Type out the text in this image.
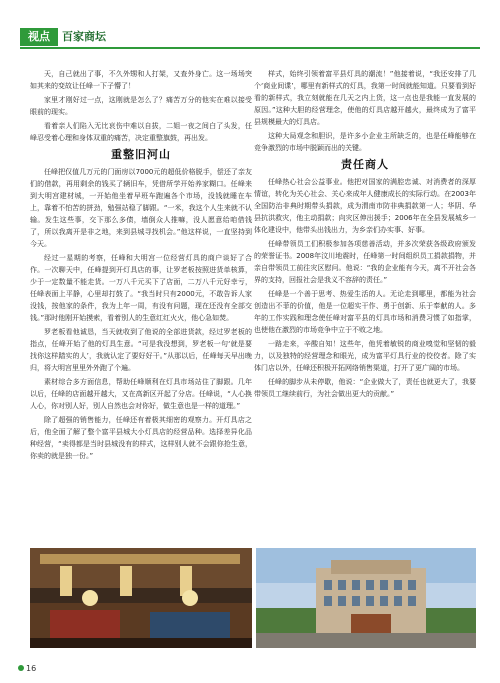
视点	百家商坛

天，自己就出了事，不久外甥和人打架，又查外身亡。这一场场突如其来的变故让任峰一下子懵了！

家里才刚好过一点，这刚就是怎么了？痛苦万分的他实在难以接受眼前的现实。

看着亲人们陷入无比哀伤中难以自拔，二姐一夜之间白了头发，任峰忍受着心理和身体双重的痛苦，决定重整旗鼓，再出发。

重整旧河山

任峰把仅值几万元的门面房以7000元的超低价格脱手，偿还了亲友们的借款，再用剩余的钱买了辆旧车，凭借所学开始养家糊口。任峰来到大明宫建材城，一开始他坐着早班车跑遍各个市场，没钱就睡在车上，靠着不怕苦的拼劲，勉强站稳了脚跟。“一米，我这个人生来就不认输。发生这些事，交下那么多债，墙倒众人推嘛，没人愿意给咱借钱了，所以我离开是非之地，来到县城寻找机会。”他这样说，一直坚持到今天。

经过一星期的考察，任峰和大明宫一位经营灯具的商户谈好了合作。一次聊天中，任峰提到开灯具店的事，让罗老板按照进货单核算，少于一定数量不能走货。一万八千元买下了店面，二万八千元好幸亏，任峰表面上平静，心里却打鼓了。“我当时只有2000元，不敢告诉人家没钱，按他家的条件，我为上年一周，有没有问题，现在还没有全部交钱。”那时他刚开始摸索，看着别人的生意红红火火，他心急如焚。

罗老板看他诚恳，当天就收到了他说的全部进货款，经过罗老板的指点，任峰开始了他的灯具生意。“可是我没想到，罗老板一句‘就是要找你这样踏实的人’，我就认定了要好好干。”从那以后，任峰每天早出晚归，将大明宫里里外外跑了个遍。

素材综合多方面信息，帮助任峰顺利在灯具市场站住了脚跟。几年以后，任峰的店面越开越大，又在高新区开起了分店。任峰说，“人心换人心，你对别人好，别人自然也会对你好，做生意也是一样的道理。”

除了超强的销售能力，任峰还有着极其细密的观察力。开灯具店之后，他全面了解了整个富平县城大小灯具店的经营品种。选择差异化品种经营，“卖得都是当时县城没有的样式，这样别人就不会跟你抢生意，你卖的就是独一份。”

样式，始终引领着富平县灯具的潮流！”他接着说，“我还安排了几个‘商业间谍’，哪里有新样式的灯具，我第一时间就能知道。只要看到好看的新样式，我立刻就能在几天之内上货，这一点也是我能一直发展的原因。”这种大胆的经营理念，使他的灯具店越开越火，最终成为了富平县规模最大的灯具店。

这种大局观念和胆识，是许多小企业主所缺乏的，也是任峰能够在竞争激烈的市场中脱颖而出的关键。

责任商人

任峰热心社会公益事业。他把对国家的满腔忠诚、对消费者的深厚情谊，转化为关心社会、关心来成年人健康成长的实际行动。在2003年全国防治非典时期带头捐款，成为渭南市防非典捐款第一人；华阴、华县抗洪救灾，他主动捐款；向灾区伸出援手；2006年在全县发展城乡一体化建设中，他带头出钱出力，为乡亲们办实事、好事。

任峰带领员工们积极参加各项慈善活动，并多次荣获各级政府颁发的荣誉证书。2008年汶川地震时，任峰第一时间组织员工捐款捐物，并亲自带领员工前往灾区慰问。他说：“我的企业能有今天，离不开社会各界的支持，回报社会是我义不容辞的责任。”

任峰是一个善于思考、热爱生活的人。无论走到哪里，都能为社会创造出不菲的价值，他是一位超实干作、勇于创新、乐于奉献的人。多年的工作实践和理念使任峰对富平县的灯具市场和消费习惯了如指掌，也使他在激烈的市场竞争中立于不败之地。

一路走来，辛酸自知！这些年，他凭着敏锐的商业嗅觉和坚韧的毅力，以及独特的经营理念和眼光，成为富平灯具行业的佼佼者。除了实体门店以外，任峰还积极开拓网络销售渠道，打开了更广阔的市场。

任峰的脚步从未停歇，他说：“企业做大了，责任也就更大了，我要带领员工继续前行，为社会做出更大的贡献。”

16
